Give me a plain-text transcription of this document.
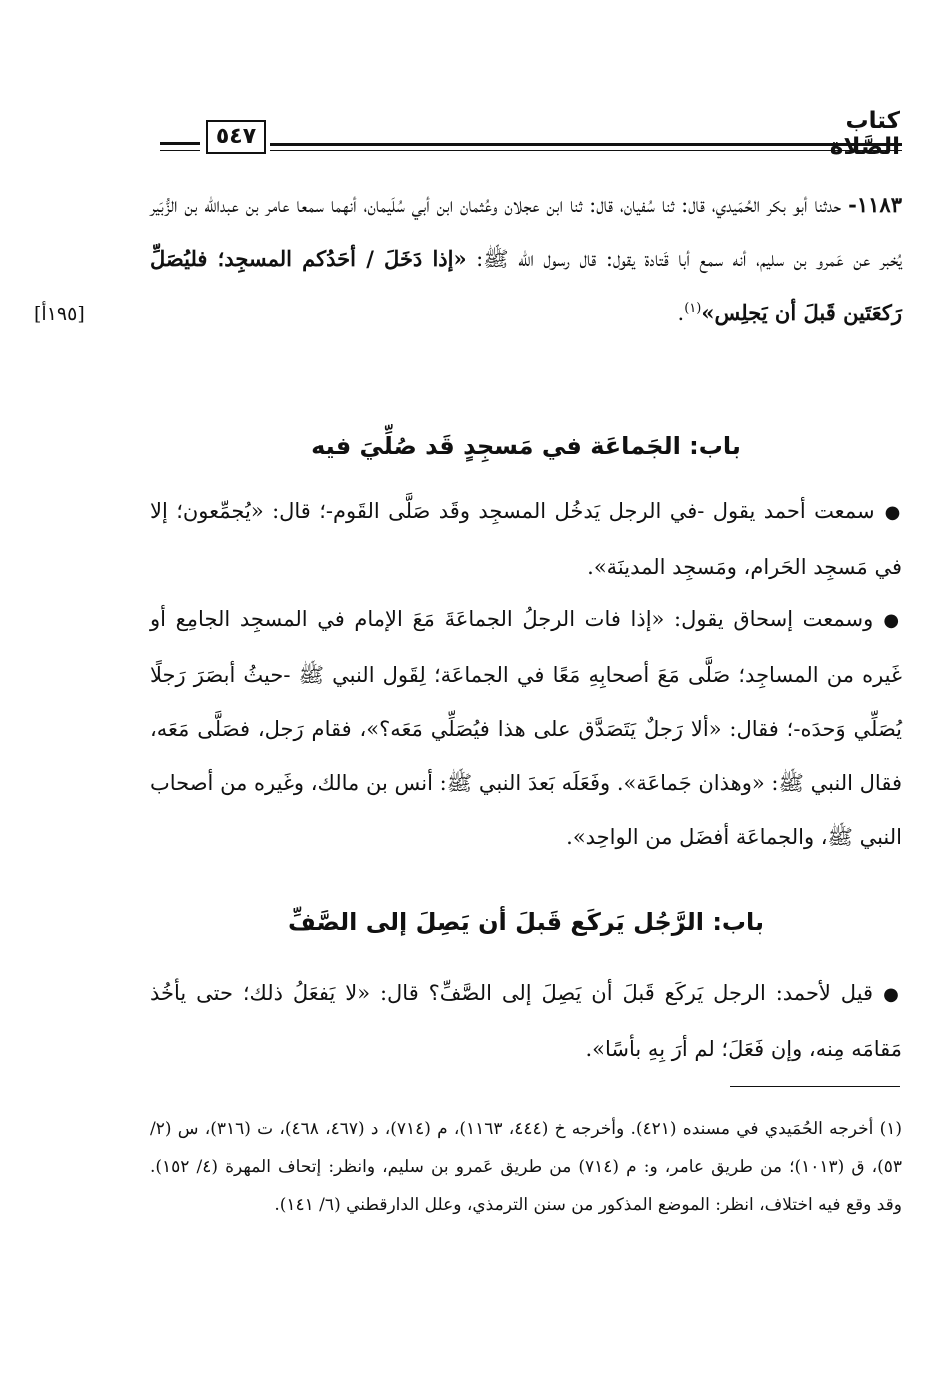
كتاب الصَّلاة
٥٤٧
[١٩٥أ]
١١٨٣- حدثنا أبو بكر الحُمَيدي، قال: ثنا سُفيان، قال: ثنا ابن عجلان وعُثمان ابن أبي سُلَيمان، أنهما سمعا عامر بن عبدالله بن الزُّبَير يُخبر عن عَمرو بن سليم، أنه سمع أبا قَتادة يقول: قال رسول الله ﷺ: «إذا دَخَلَ / أحَدُكم المسجِد؛ فليُصَلِّ رَكعَتَين قَبلَ أن يَجلِس»$^{(١)}$.
باب: الجَماعَة في مَسجِدٍ قَد صُلِّيَ فيه
●سمعت أحمد يقول -في الرجل يَدخُل المسجِد وقَد صَلَّى القَوم-؛ قال: «يُجمِّعون؛ إلا في مَسجِد الحَرام، ومَسجِد المدينَة».
●وسمعت إسحاق يقول: «إذا فات الرجلُ الجماعَةَ مَعَ الإمام في المسجِد الجامِع أو غَيره من المساجِد؛ صَلَّى مَعَ أصحابِهِ مَعًا في الجماعَة؛ لِقَول النبي ﷺ -حيثُ أبصَرَ رَجلًا يُصَلِّي وَحدَه-؛ فقال: «ألا رَجلٌ يَتَصَدَّق على هذا فيُصَلِّي مَعَه؟»، فقام رَجل، فصَلَّى مَعَه، فقال النبي ﷺ: «وهذان جَماعَة». وفَعَلَه بَعدَ النبي ﷺ: أنس بن مالك، وغَيره من أصحاب النبي ﷺ، والجماعَة أفضَل من الواحِد».
باب: الرَّجُل يَركَع قَبلَ أن يَصِلَ إلى الصَّفِّ
●قيل لأحمد: الرجل يَركَع قَبلَ أن يَصِلَ إلى الصَّفِّ؟ قال: «لا يَفعَلُ ذلك؛ حتى يأخُذ مَقامَه مِنه، وإن فَعَلَ؛ لم أرَ بِهِ بأسًا».
(١) أخرجه الحُمَيدي في مسنده (٤٢١). وأخرجه خ (٤٤٤، ١١٦٣)، م (٧١٤)، د (٤٦٧، ٤٦٨)، ت (٣١٦)، س (٢/ ٥٣)، ق (١٠١٣)؛ من طريق عامر، و: م (٧١٤) من طريق عَمرو بن سليم، وانظر: إتحاف المهرة (٤/ ١٥٢). وقد وقع فيه اختلاف، انظر: الموضع المذكور من سنن الترمذي، وعلل الدارقطني (٦/ ١٤١).
